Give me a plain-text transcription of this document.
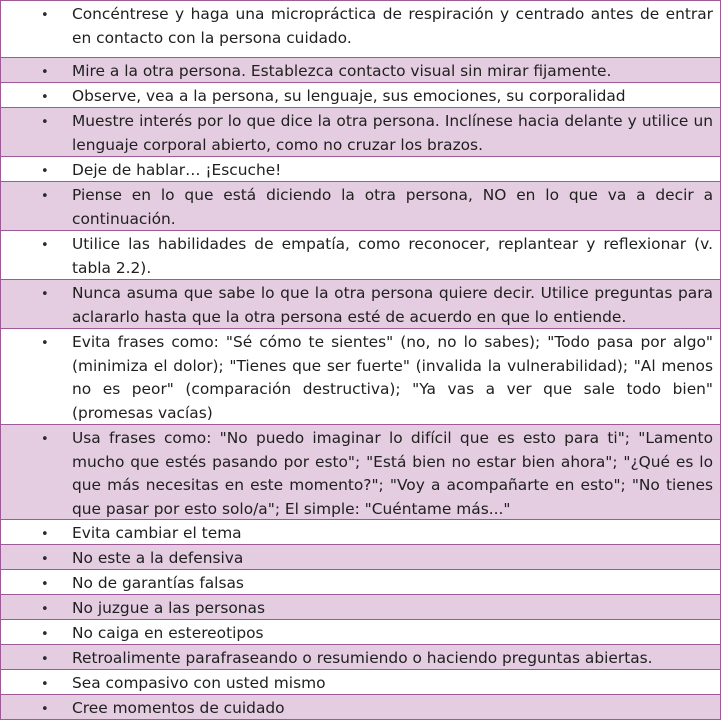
• Concéntrese y haga una micropráctica de respiración y centrado antes de entrar en contacto con la persona cuidado.
• Mire a la otra persona. Establezca contacto visual sin mirar fijamente.
• Observe, vea a la persona, su lenguaje, sus emociones, su corporalidad
• Muestre interés por lo que dice la otra persona. Inclínese hacia delante y utilice un lenguaje corporal abierto, como no cruzar los brazos.
• Deje de hablar… ¡Escuche!
• Piense en lo que está diciendo la otra persona, NO en lo que va a decir a continuación.
• Utilice las habilidades de empatía, como reconocer, replantear y reflexionar (v. tabla 2.2).
• Nunca asuma que sabe lo que la otra persona quiere decir. Utilice preguntas para aclararlo hasta que la otra persona esté de acuerdo en que lo entiende.
• Evita frases como: "Sé cómo te sientes" (no, no lo sabes); "Todo pasa por algo" (minimiza el dolor); "Tienes que ser fuerte" (invalida la vulnerabilidad); "Al menos no es peor" (comparación destructiva); "Ya vas a ver que sale todo bien" (promesas vacías)
• Usa frases como: "No puedo imaginar lo difícil que es esto para ti"; "Lamento mucho que estés pasando por esto"; "Está bien no estar bien ahora"; "¿Qué es lo que más necesitas en este momento?"; "Voy a acompañarte en esto"; "No tienes que pasar por esto solo/a"; El simple: "Cuéntame más..."
• Evita cambiar el tema
• No este a la defensiva
• No de garantías falsas
• No juzgue a las personas
• No caiga en estereotipos
• Retroalimente parafraseando o resumiendo o haciendo preguntas abiertas.
• Sea compasivo con usted mismo
• Cree momentos de cuidado
